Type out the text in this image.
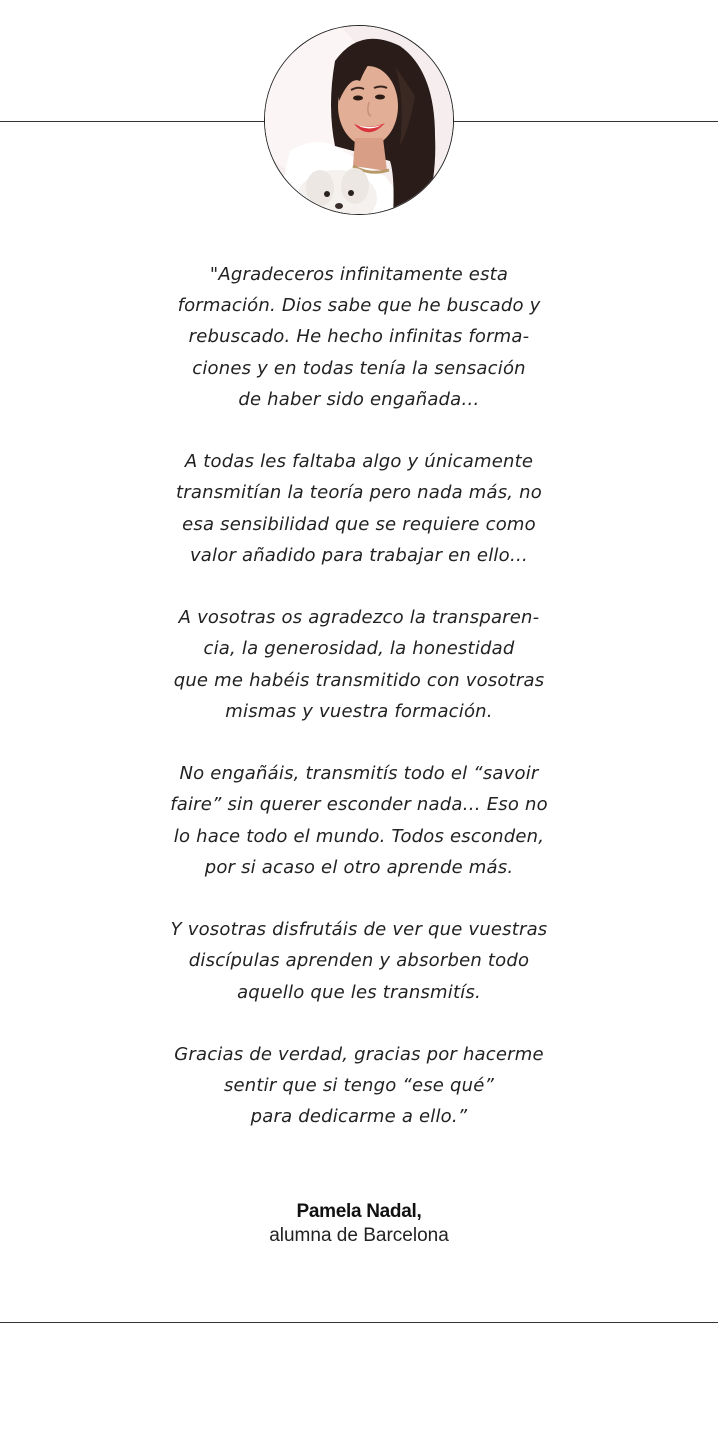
"Agradeceros infinitamente esta
formación. Dios sabe que he buscado y
rebuscado. He hecho infinitas forma-
ciones y en todas tenía la sensación
de haber sido engañada…

A todas les faltaba algo y únicamente
transmitían la teoría pero nada más, no
esa sensibilidad que se requiere como
valor añadido para trabajar en ello…

A vosotras os agradezco la transparen-
cia, la generosidad, la honestidad
que me habéis transmitido con vosotras
mismas y vuestra formación.

No engañáis, transmitís todo el “savoir
faire” sin querer esconder nada… Eso no
lo hace todo el mundo. Todos esconden,
por si acaso el otro aprende más.

Y vosotras disfrutáis de ver que vuestras
discípulas aprenden y absorben todo
aquello que les transmitís.

Gracias de verdad, gracias por hacerme
sentir que si tengo “ese qué”
para dedicarme a ello.”

Pamela Nadal,
alumna de Barcelona
